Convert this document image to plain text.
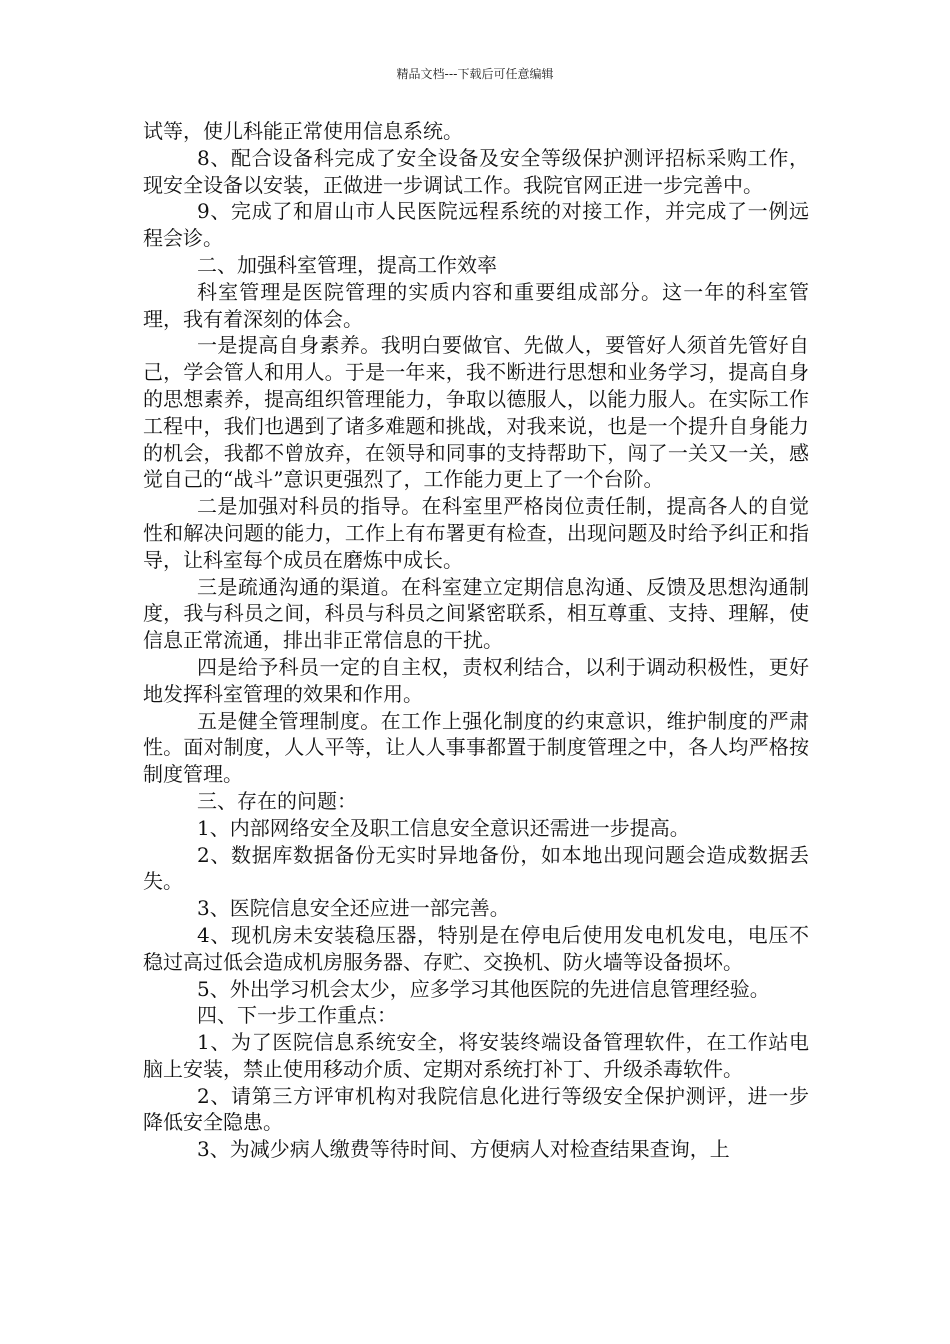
精品文档---下载后可任意编辑

试等，使儿科能正常使用信息系统。

8、配合设备科完成了安全设备及安全等级保护测评招标采购工作，现安全设备以安装，正做进一步调试工作。我院官网正进一步完善中。

9、完成了和眉山市人民医院远程系统的对接工作，并完成了一例远程会诊。

二、加强科室管理，提高工作效率

科室管理是医院管理的实质内容和重要组成部分。这一年的科室管理，我有着深刻的体会。

一是提高自身素养。我明白要做官、先做人，要管好人须首先管好自己，学会管人和用人。于是一年来，我不断进行思想和业务学习，提高自身的思想素养，提高组织管理能力，争取以德服人，以能力服人。在实际工作工程中，我们也遇到了诸多难题和挑战，对我来说，也是一个提升自身能力的机会，我都不曾放弃，在领导和同事的支持帮助下，闯了一关又一关，感觉自己的“战斗”意识更强烈了，工作能力更上了一个台阶。

二是加强对科员的指导。在科室里严格岗位责任制，提高各人的自觉性和解决问题的能力，工作上有布署更有检查，出现问题及时给予纠正和指导，让科室每个成员在磨炼中成长。

三是疏通沟通的渠道。在科室建立定期信息沟通、反馈及思想沟通制度，我与科员之间，科员与科员之间紧密联系，相互尊重、支持、理解，使信息正常流通，排出非正常信息的干扰。

四是给予科员一定的自主权，责权利结合，以利于调动积极性，更好地发挥科室管理的效果和作用。

五是健全管理制度。在工作上强化制度的约束意识，维护制度的严肃性。面对制度，人人平等，让人人事事都置于制度管理之中，各人均严格按制度管理。

三、存在的问题：

1、内部网络安全及职工信息安全意识还需进一步提高。

2、数据库数据备份无实时异地备份，如本地出现问题会造成数据丢失。

3、医院信息安全还应进一部完善。

4、现机房未安装稳压器，特别是在停电后使用发电机发电，电压不稳过高过低会造成机房服务器、存贮、交换机、防火墙等设备损坏。

5、外出学习机会太少，应多学习其他医院的先进信息管理经验。

四、下一步工作重点：

1、为了医院信息系统安全，将安装终端设备管理软件，在工作站电脑上安装，禁止使用移动介质、定期对系统打补丁、升级杀毒软件。

2、请第三方评审机构对我院信息化进行等级安全保护测评，进一步降低安全隐患。

3、为减少病人缴费等待时间、方便病人对检查结果查询，上
